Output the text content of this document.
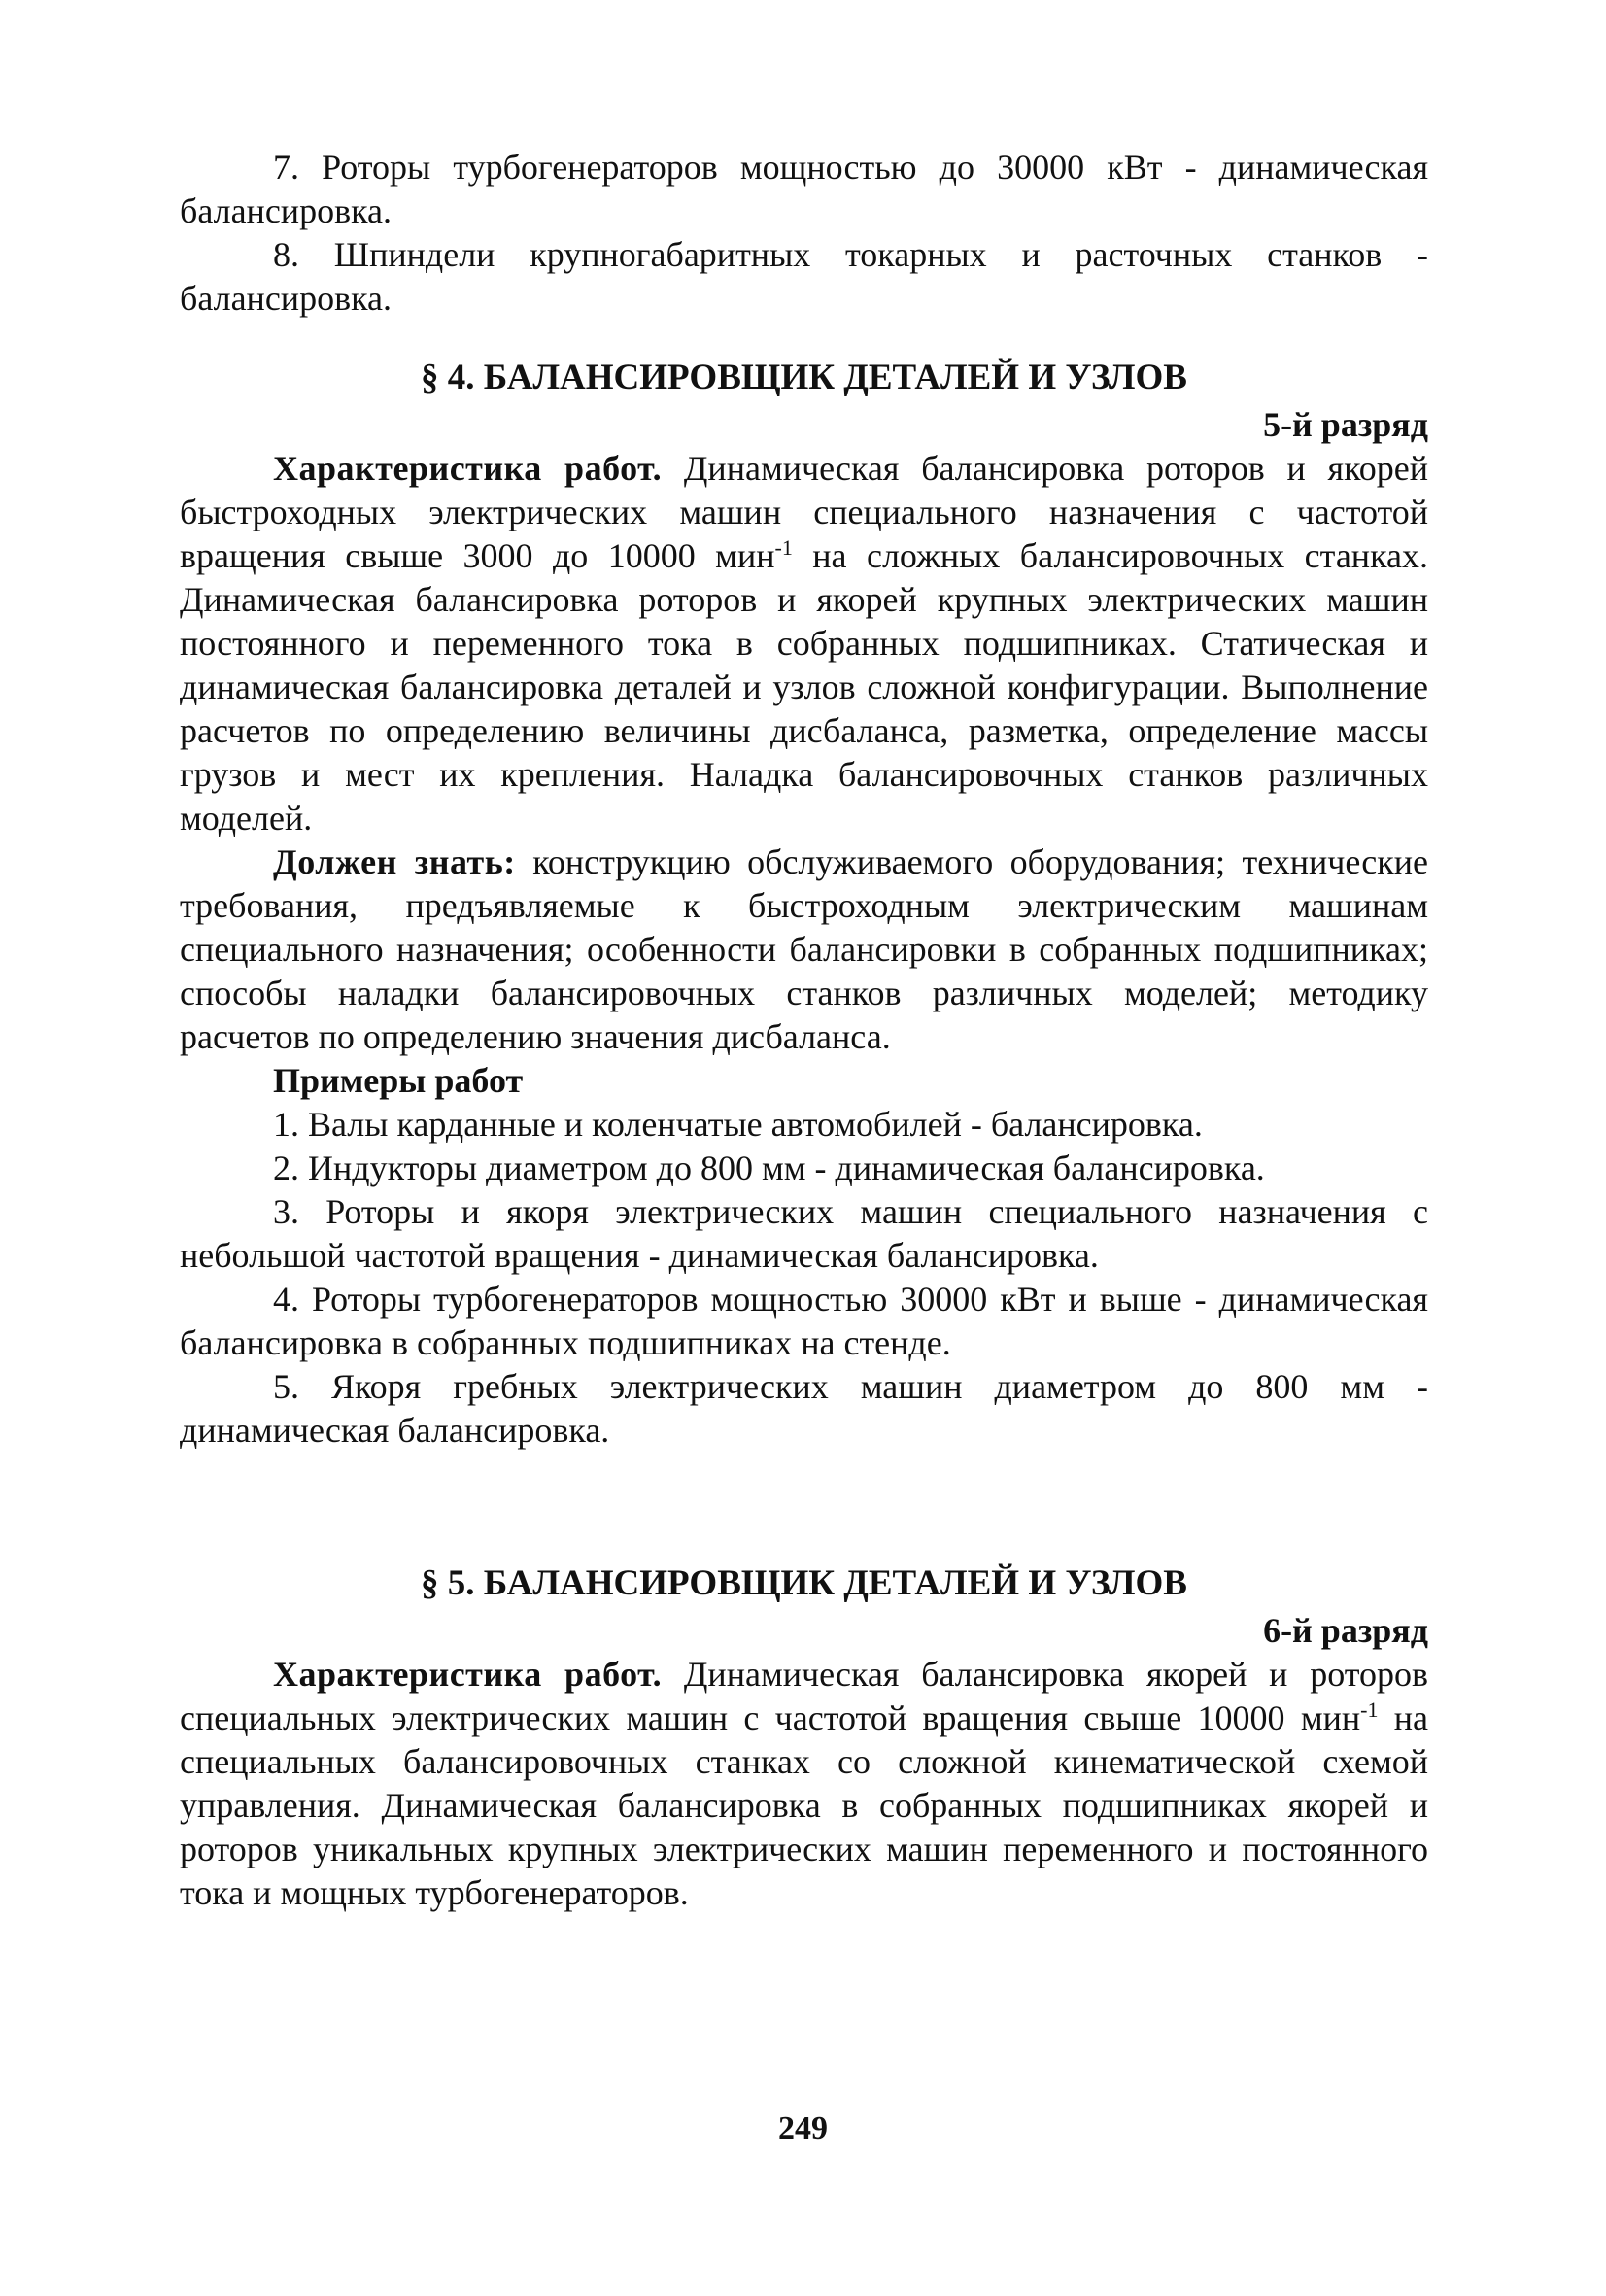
7. Роторы турбогенераторов мощностью до 30000 кВт - динамическая балансировка.

8. Шпиндели крупногабаритных токарных и расточных станков - балансировка.

§ 4. БАЛАНСИРОВЩИК ДЕТАЛЕЙ И УЗЛОВ

5-й разряд

Характеристика работ. Динамическая балансировка роторов и якорей быстроходных электрических машин специального назначения с частотой вращения свыше 3000 до 10000 мин$^{-1}$ на сложных балансировочных станках. Динамическая балансировка роторов и якорей крупных электрических машин постоянного и переменного тока в собранных подшипниках. Статическая и динамическая балансировка деталей и узлов сложной конфигурации. Выполнение расчетов по определению величины дисбаланса, разметка, определение массы грузов и мест их крепления. Наладка балансировочных станков различных моделей.

Должен знать: конструкцию обслуживаемого оборудования; технические требования, предъявляемые к быстроходным электрическим машинам специального назначения; особенности балансировки в собранных подшипниках; способы наладки балансировочных станков различных моделей; методику расчетов по определению значения дисбаланса.

Примеры работ

1. Валы карданные и коленчатые автомобилей - балансировка.

2. Индукторы диаметром до 800 мм - динамическая балансировка.

3. Роторы и якоря электрических машин специального назначения с небольшой частотой вращения - динамическая балансировка.

4. Роторы турбогенераторов мощностью 30000 кВт и выше - динамическая балансировка в собранных подшипниках на стенде.

5. Якоря гребных электрических машин диаметром до 800 мм - динамическая балансировка.

§ 5. БАЛАНСИРОВЩИК ДЕТАЛЕЙ И УЗЛОВ

6-й разряд

Характеристика работ. Динамическая балансировка якорей и роторов специальных электрических машин с частотой вращения свыше 10000 мин$^{-1}$ на специальных балансировочных станках со сложной кинематической схемой управления. Динамическая балансировка в собранных подшипниках якорей и роторов уникальных крупных электрических машин переменного и постоянного тока и мощных турбогенераторов.

249
